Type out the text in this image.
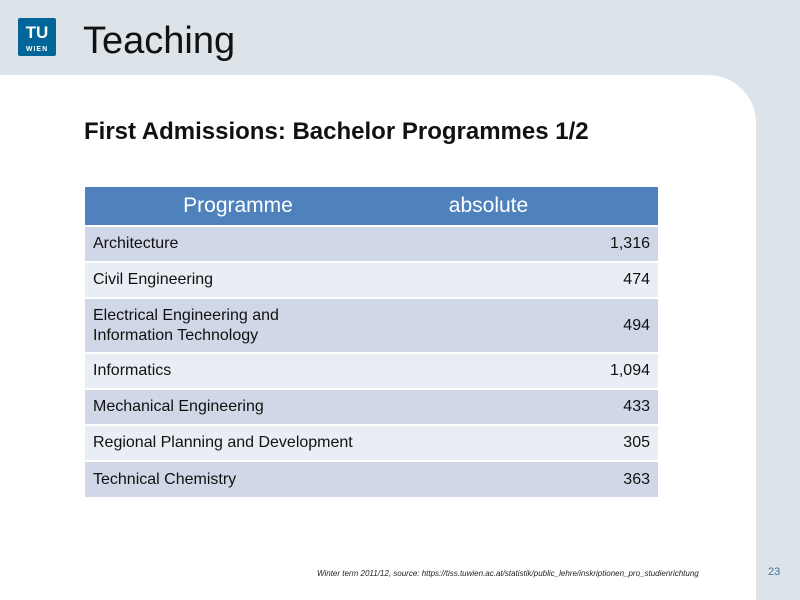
TU
WIEN Teaching
First Admissions: Bachelor Programmes 1/2
Programme	absolute
Architecture	1,316
Civil Engineering	474
Electrical Engineering and
Information Technology	494
Informatics	1,094
Mechanical Engineering	433
Regional Planning and Development	305
Technical Chemistry	363
Winter term 2011/12, source: https://tiss.tuwien.ac.at/statistik/public_lehre/inskriptionen_pro_studienrichtung	23
